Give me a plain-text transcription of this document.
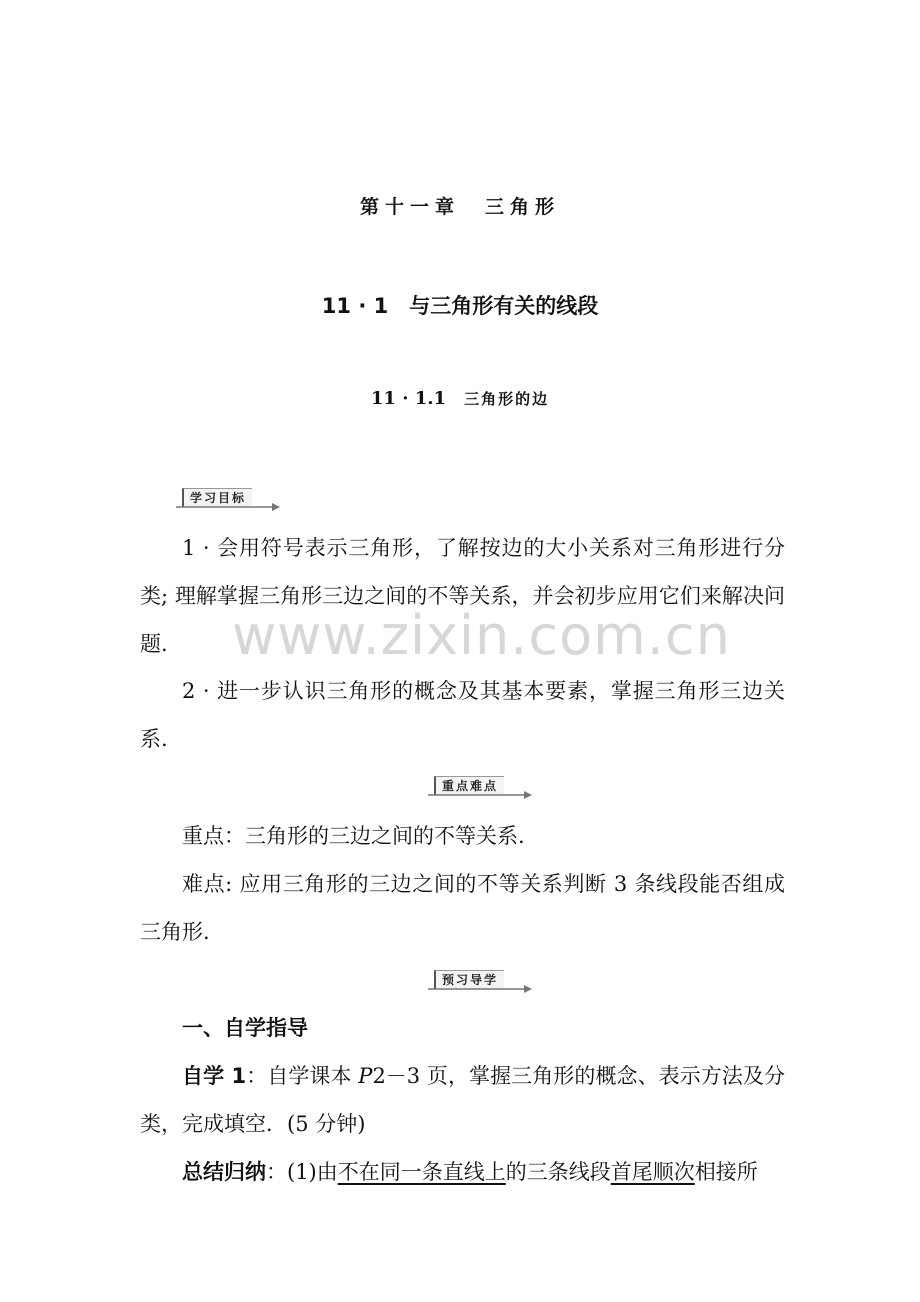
第十一章　三角形
11 · 1　与三角形有关的线段
11 · 1.1 三角形的边
学习目标
1 · 会用符号表示三角形，了解按边的大小关系对三角形进行分类; 理解掌握三角形三边之间的不等关系，并会初步应用它们来解决问题.	www.zixin.com.cn
2 · 进一步认识三角形的概念及其基本要素，掌握三角形三边关系.
重点难点
重点：三角形的三边之间的不等关系.
难点: 应用三角形的三边之间的不等关系判断 3 条线段能否组成三角形.
预习导学
一、自学指导
自学 1：自学课本 P2－3 页，掌握三角形的概念、表示方法及分类，完成填空．(5 分钟)
总结归纳：(1)由不在同一条直线上的三条线段首尾顺次相接所
